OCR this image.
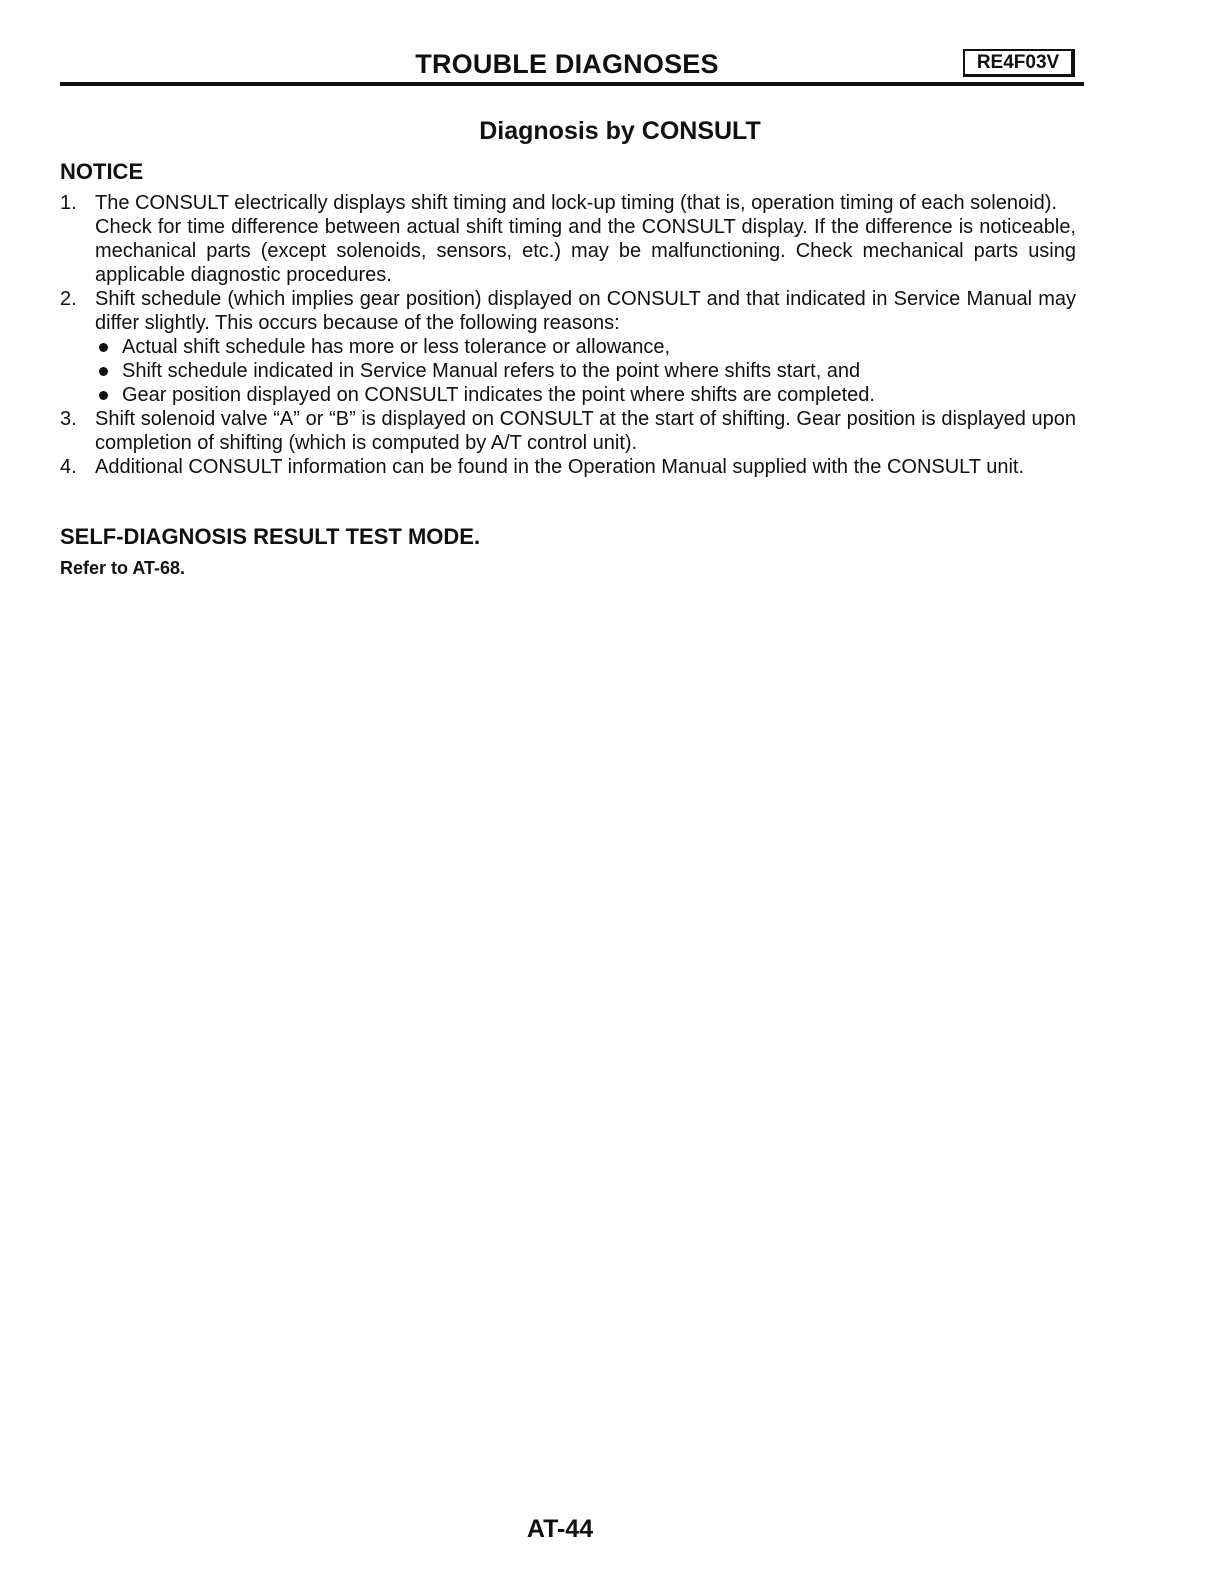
TROUBLE DIAGNOSES	RE4F03V
Diagnosis by CONSULT
NOTICE
1. The CONSULT electrically displays shift timing and lock-up timing (that is, operation timing of each solenoid).
Check for time difference between actual shift timing and the CONSULT display. If the difference is noticeable, mechanical parts (except solenoids, sensors, etc.) may be malfunctioning. Check mechanical parts using applicable diagnostic procedures.
2. Shift schedule (which implies gear position) displayed on CONSULT and that indicated in Service Manual may differ slightly. This occurs because of the following reasons:
Actual shift schedule has more or less tolerance or allowance,
Shift schedule indicated in Service Manual refers to the point where shifts start, and
Gear position displayed on CONSULT indicates the point where shifts are completed.
3. Shift solenoid valve “A” or “B” is displayed on CONSULT at the start of shifting. Gear position is displayed upon completion of shifting (which is computed by A/T control unit).
4. Additional CONSULT information can be found in the Operation Manual supplied with the CONSULT unit.
SELF-DIAGNOSIS RESULT TEST MODE.
Refer to AT-68.
AT-44
